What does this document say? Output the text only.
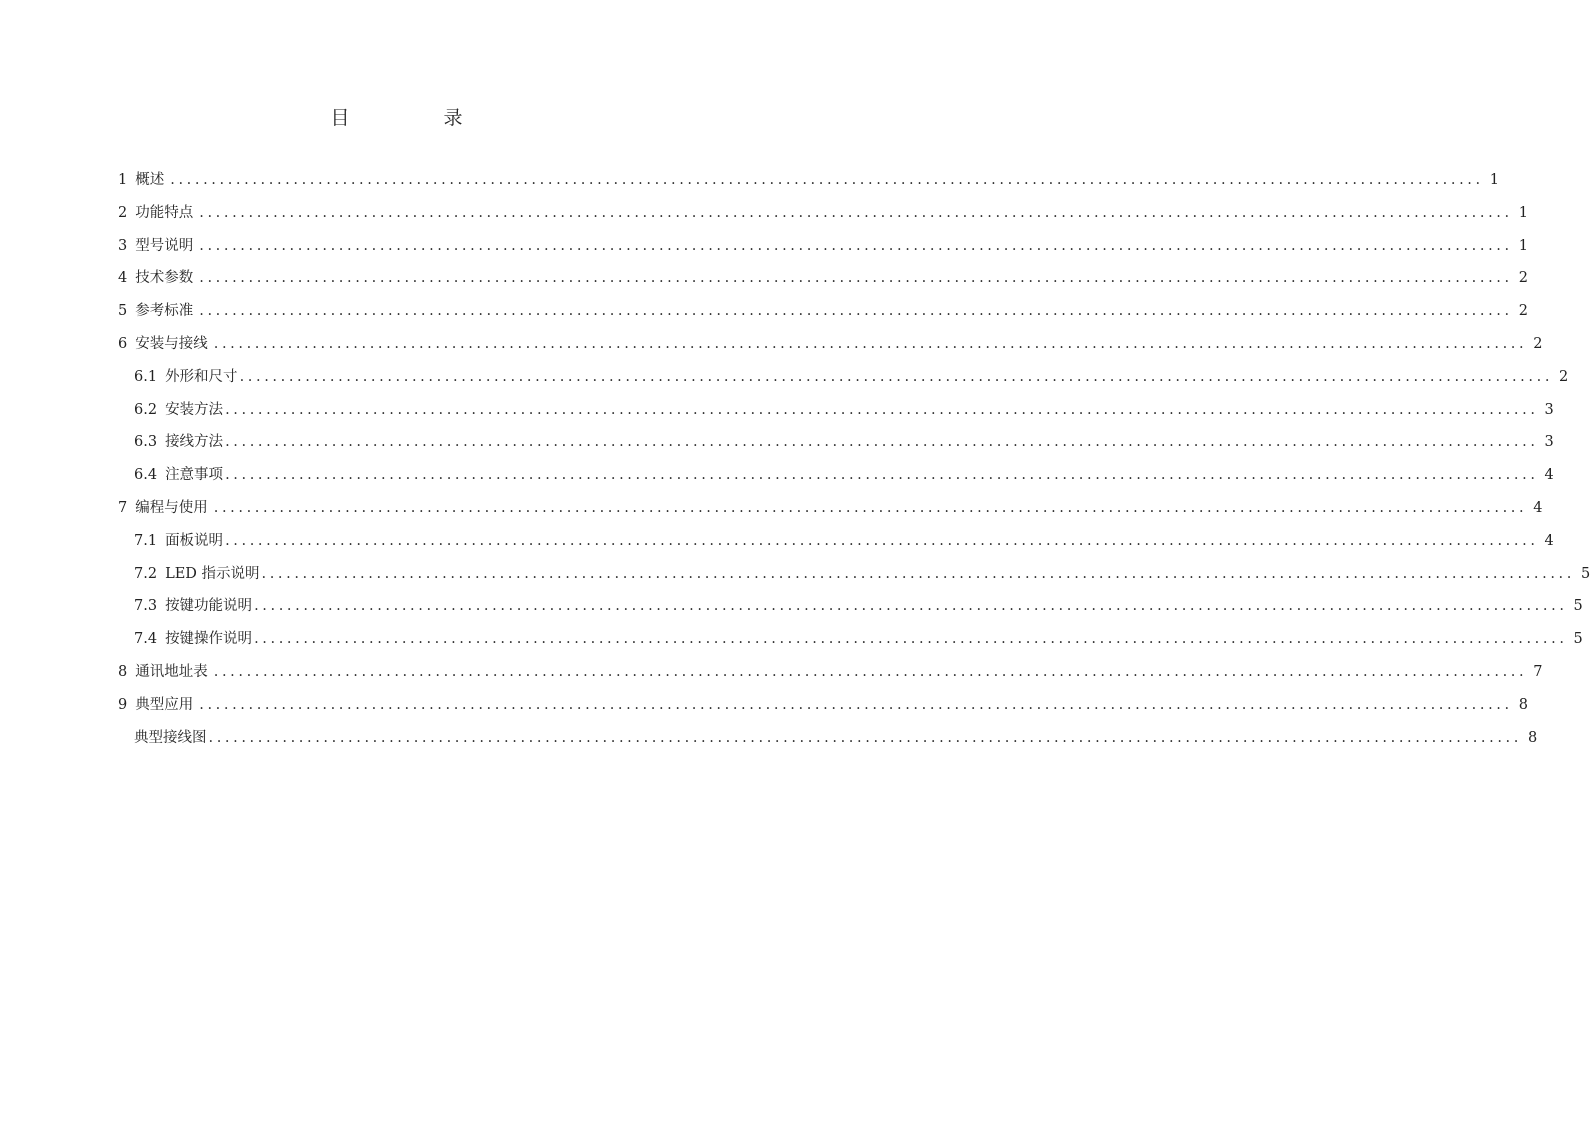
目 录
1 概述 ................................................................................................................................................................ 1
2 功能特点 ................................................................................................................................................................ 1
3 型号说明 ................................................................................................................................................................ 1
4 技术参数 ................................................................................................................................................................ 2
5 参考标准 ................................................................................................................................................................ 2
6 安装与接线 ................................................................................................................................................................ 2
6.1 外形和尺寸 ................................................................................................................................................................ 2
6.2 安装方法 ................................................................................................................................................................ 3
6.3 接线方法 ................................................................................................................................................................ 3
6.4 注意事项 ................................................................................................................................................................ 4
7 编程与使用 ................................................................................................................................................................ 4
7.1 面板说明 ................................................................................................................................................................ 4
7.2 LED 指示说明 ................................................................................................................................................................ 5
7.3 按键功能说明 ................................................................................................................................................................ 5
7.4 按键操作说明 ................................................................................................................................................................ 5
8 通讯地址表 ................................................................................................................................................................ 7
9 典型应用 ................................................................................................................................................................ 8
典型接线图 ................................................................................................................................................................ 8
